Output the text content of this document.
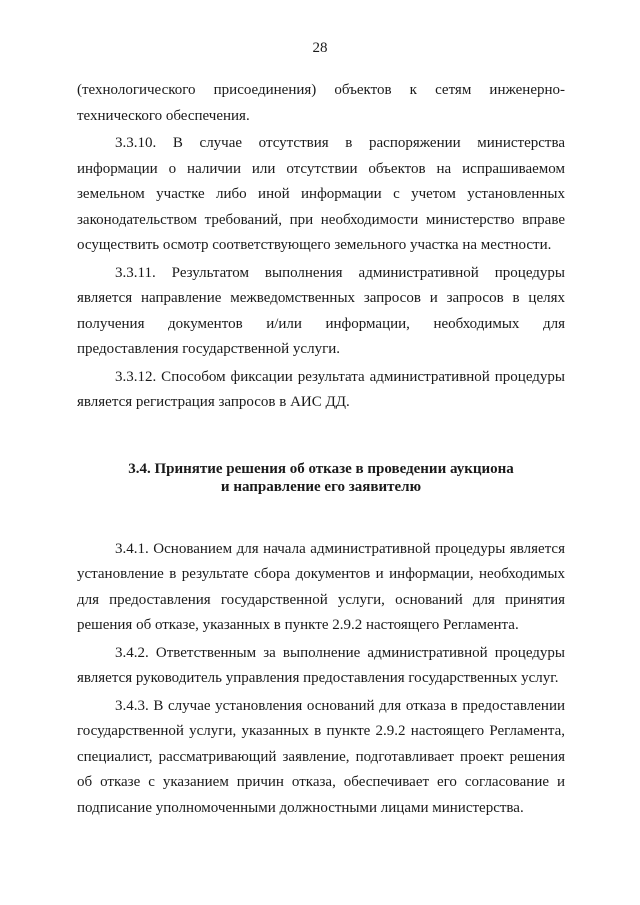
28

(технологического присоединения) объектов к сетям инженерно-технического обеспечения.

3.3.10. В случае отсутствия в распоряжении министерства информации о наличии или отсутствии объектов на испрашиваемом земельном участке либо иной информации с учетом установленных законодательством требований, при необходимости министерство вправе осуществить осмотр соответствующего земельного участка на местности.

3.3.11. Результатом выполнения административной процедуры является направление межведомственных запросов и запросов в целях получения документов и/или информации, необходимых для предоставления государственной услуги.

3.3.12. Способом фиксации результата административной процедуры является регистрация запросов в АИС ДД.

3.4. Принятие решения об отказе в проведении аукциона
и направление его заявителю

3.4.1. Основанием для начала административной процедуры является установление в результате сбора документов и информации, необходимых для предоставления государственной услуги, оснований для принятия решения об отказе, указанных в пункте 2.9.2 настоящего Регламента.

3.4.2. Ответственным за выполнение административной процедуры является руководитель управления предоставления государственных услуг.

3.4.3. В случае установления оснований для отказа в предоставлении государственной услуги, указанных в пункте 2.9.2 настоящего Регламента, специалист, рассматривающий заявление, подготавливает проект решения об отказе с указанием причин отказа, обеспечивает его согласование и подписание уполномоченными должностными лицами министерства.
